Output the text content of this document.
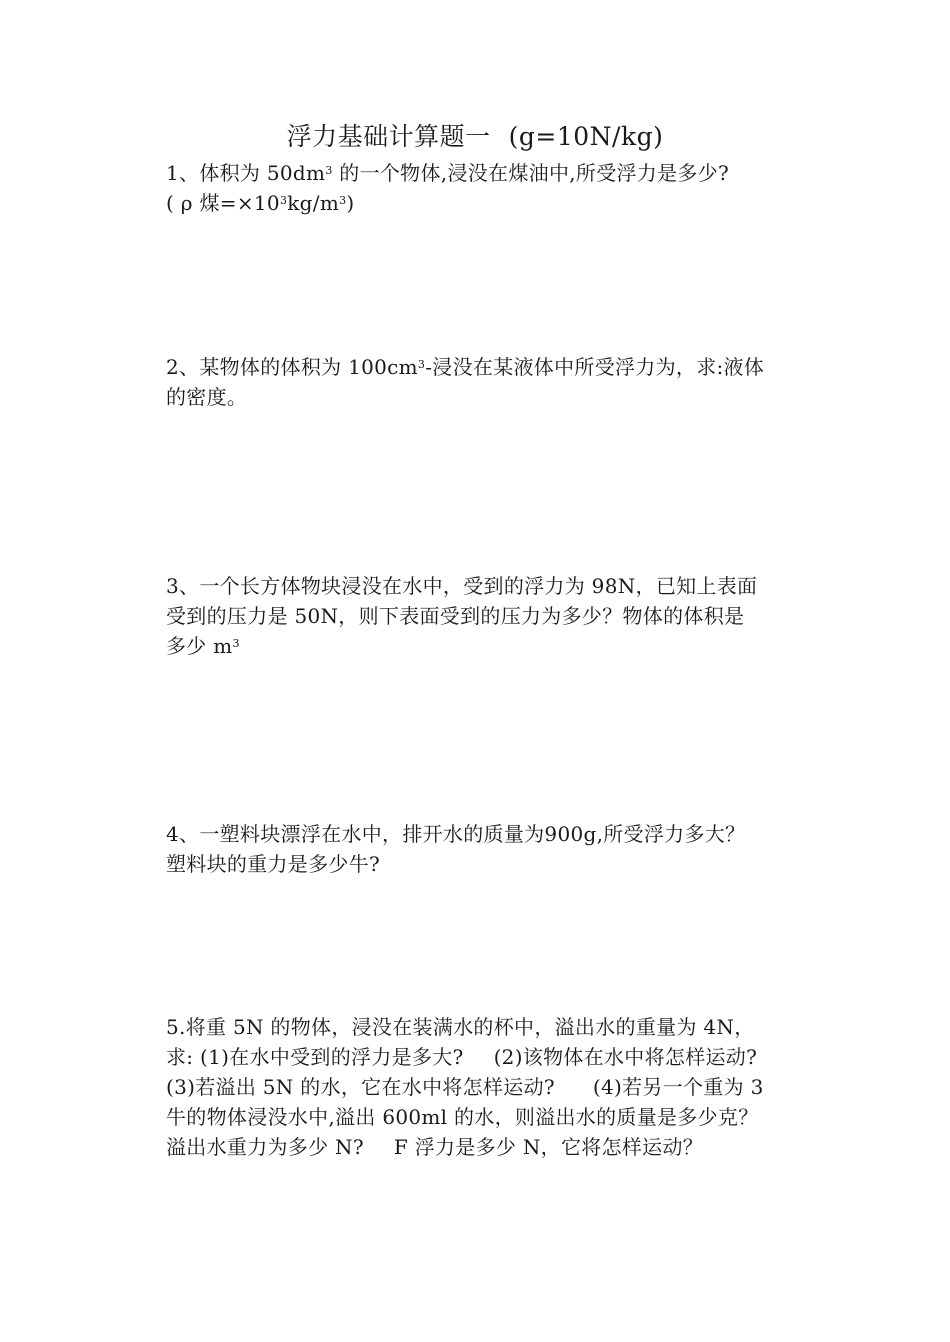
浮力基础计算题一 (g=10N/kg)
1、体积为 $50dm^3$ 的一个物体,浸没在煤油中,所受浮力是多少?
( ρ 煤$=\times 10^3kg/m^3$)
2、某物体的体积为 $100cm^3-$浸没在某液体中所受浮力为，求:液体
的密度。
3、一个长方体物块浸没在水中，受到的浮力为 98N，已知上表面
受到的压力是 50N，则下表面受到的压力为多少？物体的体积是
多少 $m^3$
4、一塑料块漂浮在水中，排开水的质量为900g,所受浮力多大？
塑料块的重力是多少牛?
5.将重 5N 的物体，浸没在装满水的杯中，溢出水的重量为 4N，
求: (1)在水中受到的浮力是多大? (2)该物体在水中将怎样运动?
(3)若溢出 5N 的水，它在水中将怎样运动? (4)若另一个重为 3
牛的物体浸没水中,溢出 600ml 的水，则溢出水的质量是多少克？
溢出水重力为多少 N? F 浮力是多少 N，它将怎样运动？
